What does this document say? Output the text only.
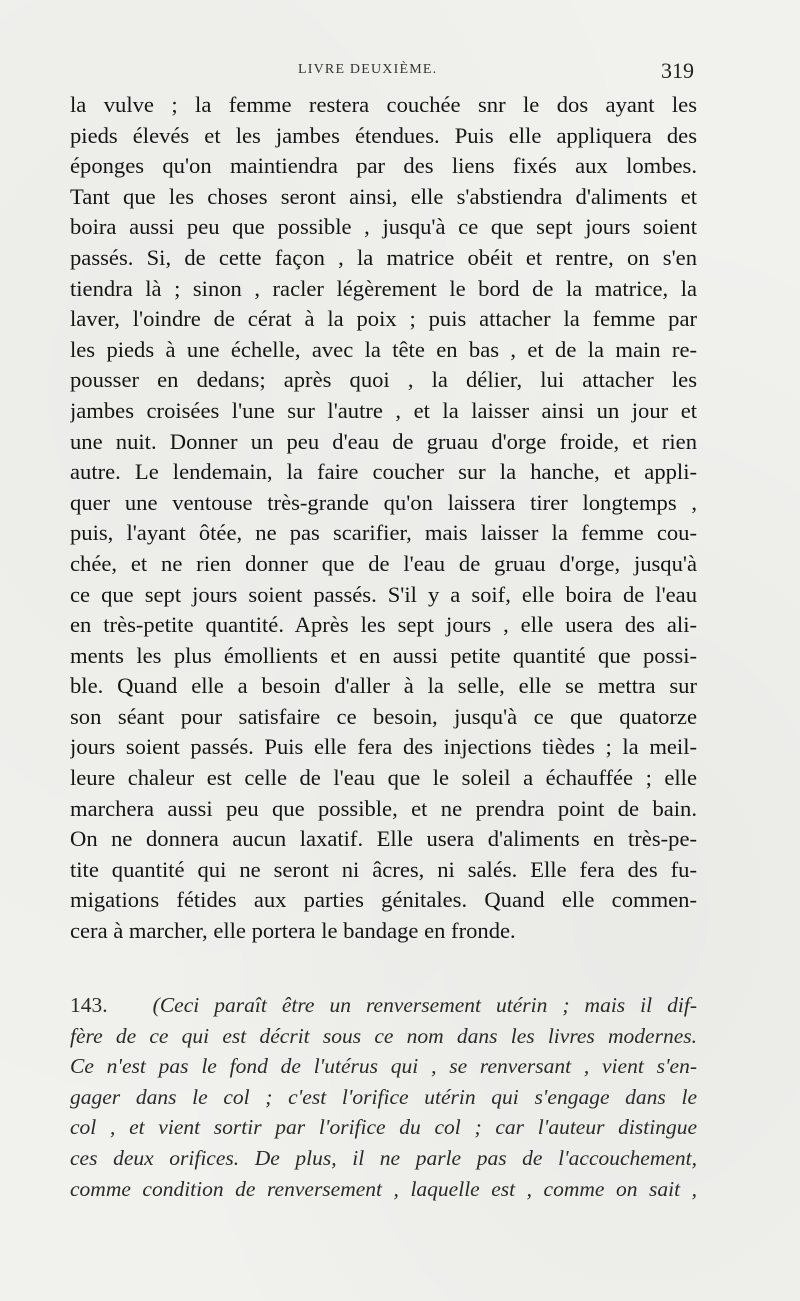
LIVRE DEUXIÈME.	319
la vulve ; la femme restera couchée snr le dos ayant les
pieds élevés et les jambes étendues. Puis elle appliquera des
éponges qu'on maintiendra par des liens fixés aux lombes.
Tant que les choses seront ainsi, elle s'abstiendra d'aliments et
boira aussi peu que possible , jusqu'à ce que sept jours soient
passés. Si, de cette façon , la matrice obéit et rentre, on s'en
tiendra là ; sinon , racler légèrement le bord de la matrice, la
laver, l'oindre de cérat à la poix ; puis attacher la femme par
les pieds à une échelle, avec la tête en bas , et de la main re-
pousser en dedans; après quoi , la délier, lui attacher les
jambes croisées l'une sur l'autre , et la laisser ainsi un jour et
une nuit. Donner un peu d'eau de gruau d'orge froide, et rien
autre. Le lendemain, la faire coucher sur la hanche, et appli-
quer une ventouse très-grande qu'on laissera tirer longtemps ,
puis, l'ayant ôtée, ne pas scarifier, mais laisser la femme cou-
chée, et ne rien donner que de l'eau de gruau d'orge, jusqu'à
ce que sept jours soient passés. S'il y a soif, elle boira de l'eau
en très-petite quantité. Après les sept jours , elle usera des ali-
ments les plus émollients et en aussi petite quantité que possi-
ble. Quand elle a besoin d'aller à la selle, elle se mettra sur
son séant pour satisfaire ce besoin, jusqu'à ce que quatorze
jours soient passés. Puis elle fera des injections tièdes ; la meil-
leure chaleur est celle de l'eau que le soleil a échauffée ; elle
marchera aussi peu que possible, et ne prendra point de bain.
On ne donnera aucun laxatif. Elle usera d'aliments en très-pe-
tite quantité qui ne seront ni âcres, ni salés. Elle fera des fu-
migations fétides aux parties génitales. Quand elle commen-
cera à marcher, elle portera le bandage en fronde.
143. (Ceci paraît être un renversement utérin ; mais il dif-
fère de ce qui est décrit sous ce nom dans les livres modernes.
Ce n'est pas le fond de l'utérus qui , se renversant , vient s'en-
gager dans le col ; c'est l'orifice utérin qui s'engage dans le
col , et vient sortir par l'orifice du col ; car l'auteur distingue
ces deux orifices. De plus, il ne parle pas de l'accouchement,
comme condition de renversement , laquelle est , comme on sait ,
